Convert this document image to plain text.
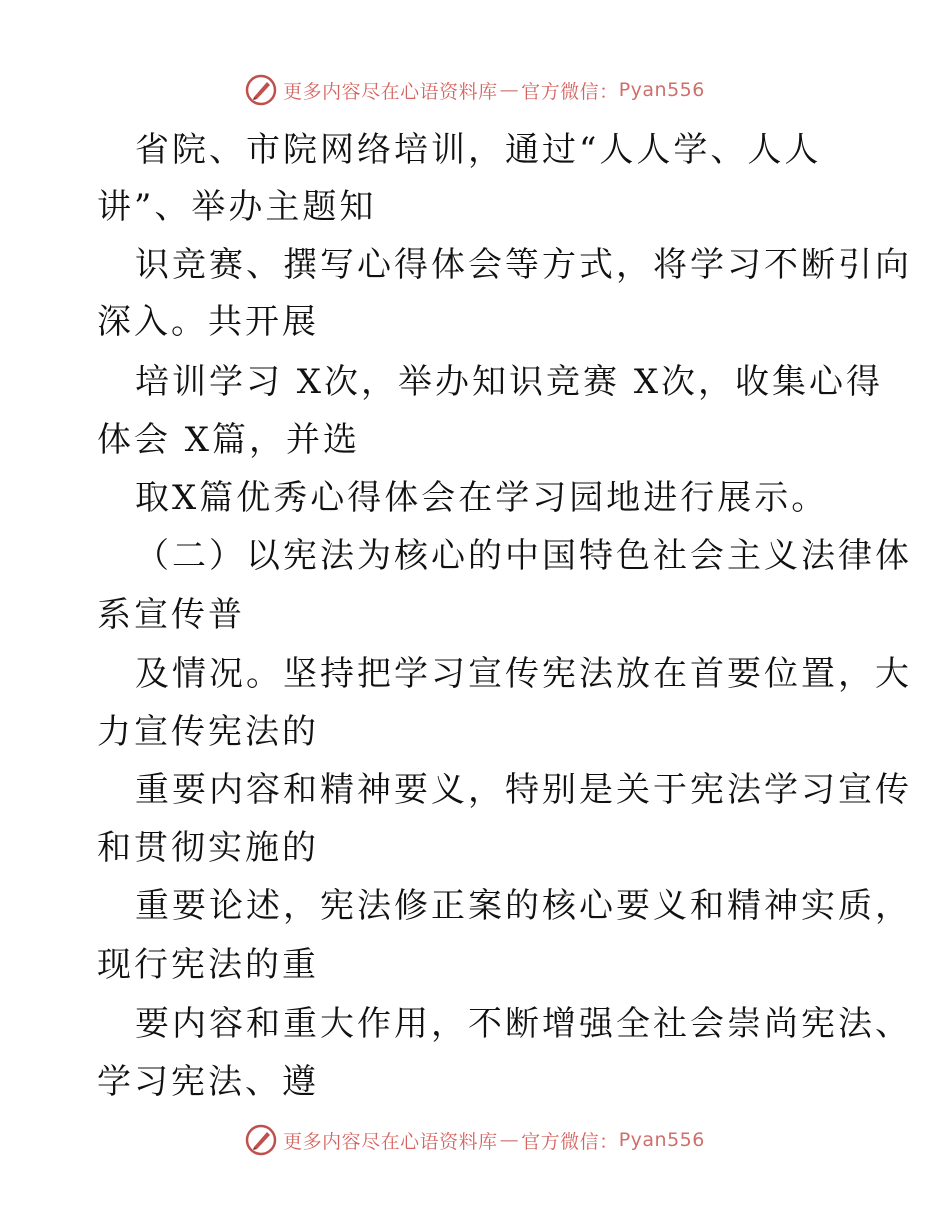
更多内容尽在心语资料库 — 官方微信： Pyan556
省院、市院网络培训，通过“人人学、人人
讲”、举办主题知
识竞赛、撰写心得体会等方式，将学习不断引向
深入。共开展
培训学习 X次，举办知识竞赛 X次，收集心得
体会 X篇，并选
取X篇优秀心得体会在学习园地进行展示。
（二）以宪法为核心的中国特色社会主义法律体
系宣传普
及情况。坚持把学习宣传宪法放在首要位置，大
力宣传宪法的
重要内容和精神要义，特别是关于宪法学习宣传
和贯彻实施的
重要论述，宪法修正案的核心要义和精神实质，
现行宪法的重
要内容和重大作用，不断增强全社会崇尚宪法、
学习宪法、遵
更多内容尽在心语资料库 — 官方微信： Pyan556
